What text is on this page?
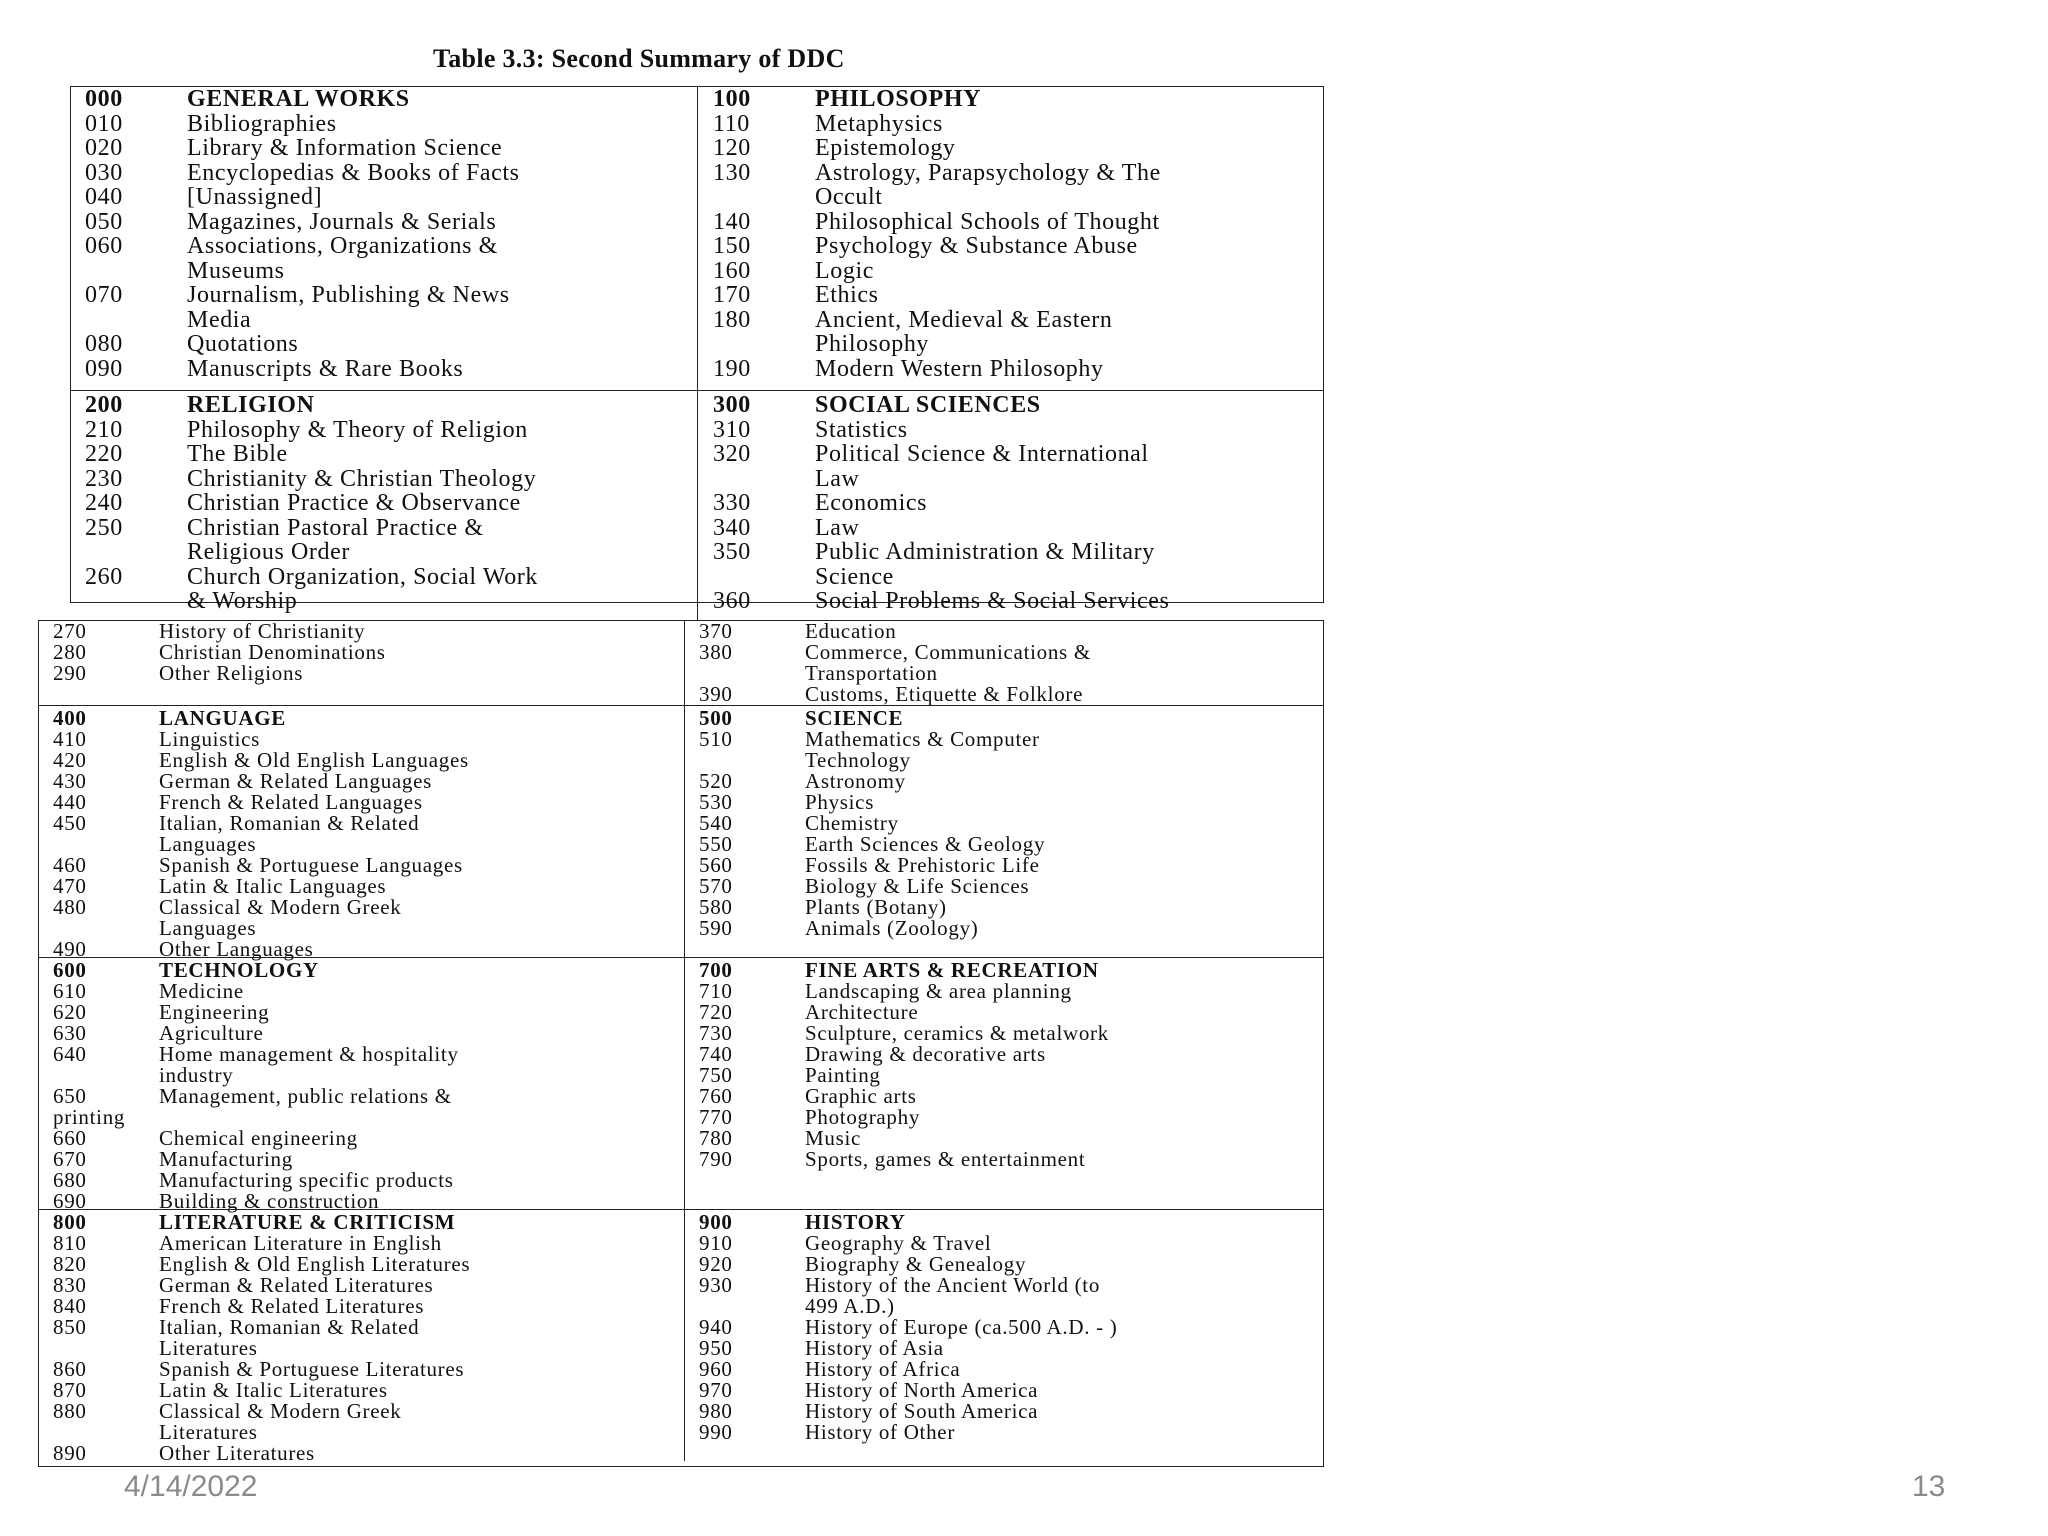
Table 3.3: Second Summary of DDC
000	GENERAL WORKS
010	Bibliographies
020	Library & Information Science
030	Encyclopedias & Books of Facts
040	[Unassigned]
050	Magazines, Journals & Serials
060	Associations, Organizations &
Museums
070	Journalism, Publishing & News
Media
080	Quotations
090	Manuscripts & Rare Books
100	PHILOSOPHY
110	Metaphysics
120	Epistemology
130	Astrology, Parapsychology & The
Occult
140	Philosophical Schools of Thought
150	Psychology & Substance Abuse
160	Logic
170	Ethics
180	Ancient, Medieval & Eastern
Philosophy
190	Modern Western Philosophy
200	RELIGION
210	Philosophy & Theory of Religion
220	The Bible
230	Christianity & Christian Theology
240	Christian Practice & Observance
250	Christian Pastoral Practice &
Religious Order
260	Church Organization, Social Work
& Worship
300	SOCIAL SCIENCES
310	Statistics
320	Political Science & International
Law
330	Economics
340	Law
350	Public Administration & Military
Science
360	Social Problems & Social Services
270	History of Christianity
280	Christian Denominations
290	Other Religions
370	Education
380	Commerce, Communications &
Transportation
390	Customs, Etiquette & Folklore
400	LANGUAGE
410	Linguistics
420	English & Old English Languages
430	German & Related Languages
440	French & Related Languages
450	Italian, Romanian & Related
Languages
460	Spanish & Portuguese Languages
470	Latin & Italic Languages
480	Classical & Modern Greek
Languages
490	Other Languages
500	SCIENCE
510	Mathematics & Computer
Technology
520	Astronomy
530	Physics
540	Chemistry
550	Earth Sciences & Geology
560	Fossils & Prehistoric Life
570	Biology & Life Sciences
580	Plants (Botany)
590	Animals (Zoology)
600	TECHNOLOGY
610	Medicine
620	Engineering
630	Agriculture
640	Home management & hospitality
industry
650	Management, public relations &
printing
660	Chemical engineering
670	Manufacturing
680	Manufacturing specific products
690	Building & construction
700	FINE ARTS & RECREATION
710	Landscaping & area planning
720	Architecture
730	Sculpture, ceramics & metalwork
740	Drawing & decorative arts
750	Painting
760	Graphic arts
770	Photography
780	Music
790	Sports, games & entertainment
800	LITERATURE & CRITICISM
810	American Literature in English
820	English & Old English Literatures
830	German & Related Literatures
840	French & Related Literatures
850	Italian, Romanian & Related
Literatures
860	Spanish & Portuguese Literatures
870	Latin & Italic Literatures
880	Classical & Modern Greek
Literatures
890	Other Literatures
900	HISTORY
910	Geography & Travel
920	Biography & Genealogy
930	History of the Ancient World (to
499 A.D.)
940	History of Europe (ca.500 A.D. - )
950	History of Asia
960	History of Africa
970	History of North America
980	History of South America
990	History of Other
4/14/2022	13
